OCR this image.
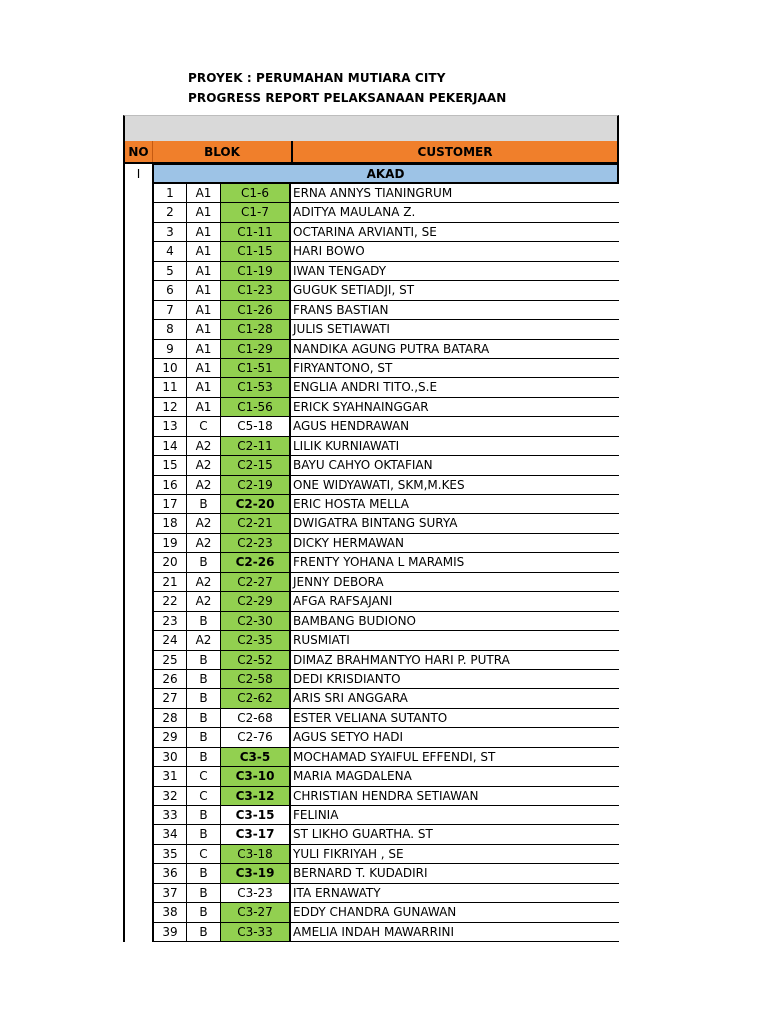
PROYEK : PERUMAHAN MUTIARA CITY
PROGRESS REPORT PELAKSANAAN PEKERJAAN
NO	BLOK	CUSTOMER
I	AKAD
1	A1	C1-6	ERNA ANNYS TIANINGRUM
2	A1	C1-7	ADITYA MAULANA Z.
3	A1	C1-11	OCTARINA ARVIANTI, SE
4	A1	C1-15	HARI BOWO
5	A1	C1-19	IWAN TENGADY
6	A1	C1-23	GUGUK SETIADJI, ST
7	A1	C1-26	FRANS BASTIAN
8	A1	C1-28	JULIS SETIAWATI
9	A1	C1-29	NANDIKA AGUNG PUTRA BATARA
10	A1	C1-51	FIRYANTONO, ST
11	A1	C1-53	ENGLIA ANDRI TITO.,S.E
12	A1	C1-56	ERICK SYAHNAINGGAR
13	C	C5-18	AGUS HENDRAWAN
14	A2	C2-11	LILIK KURNIAWATI
15	A2	C2-15	BAYU CAHYO OKTAFIAN
16	A2	C2-19	ONE WIDYAWATI, SKM,M.KES
17	B	C2-20	ERIC HOSTA MELLA
18	A2	C2-21	DWIGATRA BINTANG SURYA
19	A2	C2-23	DICKY HERMAWAN
20	B	C2-26	FRENTY YOHANA L MARAMIS
21	A2	C2-27	JENNY DEBORA
22	A2	C2-29	AFGA RAFSAJANI
23	B	C2-30	BAMBANG BUDIONO
24	A2	C2-35	RUSMIATI
25	B	C2-52	DIMAZ BRAHMANTYO HARI P. PUTRA
26	B	C2-58	DEDI KRISDIANTO
27	B	C2-62	ARIS SRI ANGGARA
28	B	C2-68	ESTER VELIANA SUTANTO
29	B	C2-76	AGUS SETYO HADI
30	B	C3-5	MOCHAMAD SYAIFUL EFFENDI, ST
31	C	C3-10	MARIA MAGDALENA
32	C	C3-12	CHRISTIAN HENDRA SETIAWAN
33	B	C3-15	FELINIA
34	B	C3-17	ST LIKHO GUARTHA. ST
35	C	C3-18	YULI FIKRIYAH , SE
36	B	C3-19	BERNARD T. KUDADIRI
37	B	C3-23	ITA ERNAWATY
38	B	C3-27	EDDY CHANDRA GUNAWAN
39	B	C3-33	AMELIA INDAH MAWARRINI
